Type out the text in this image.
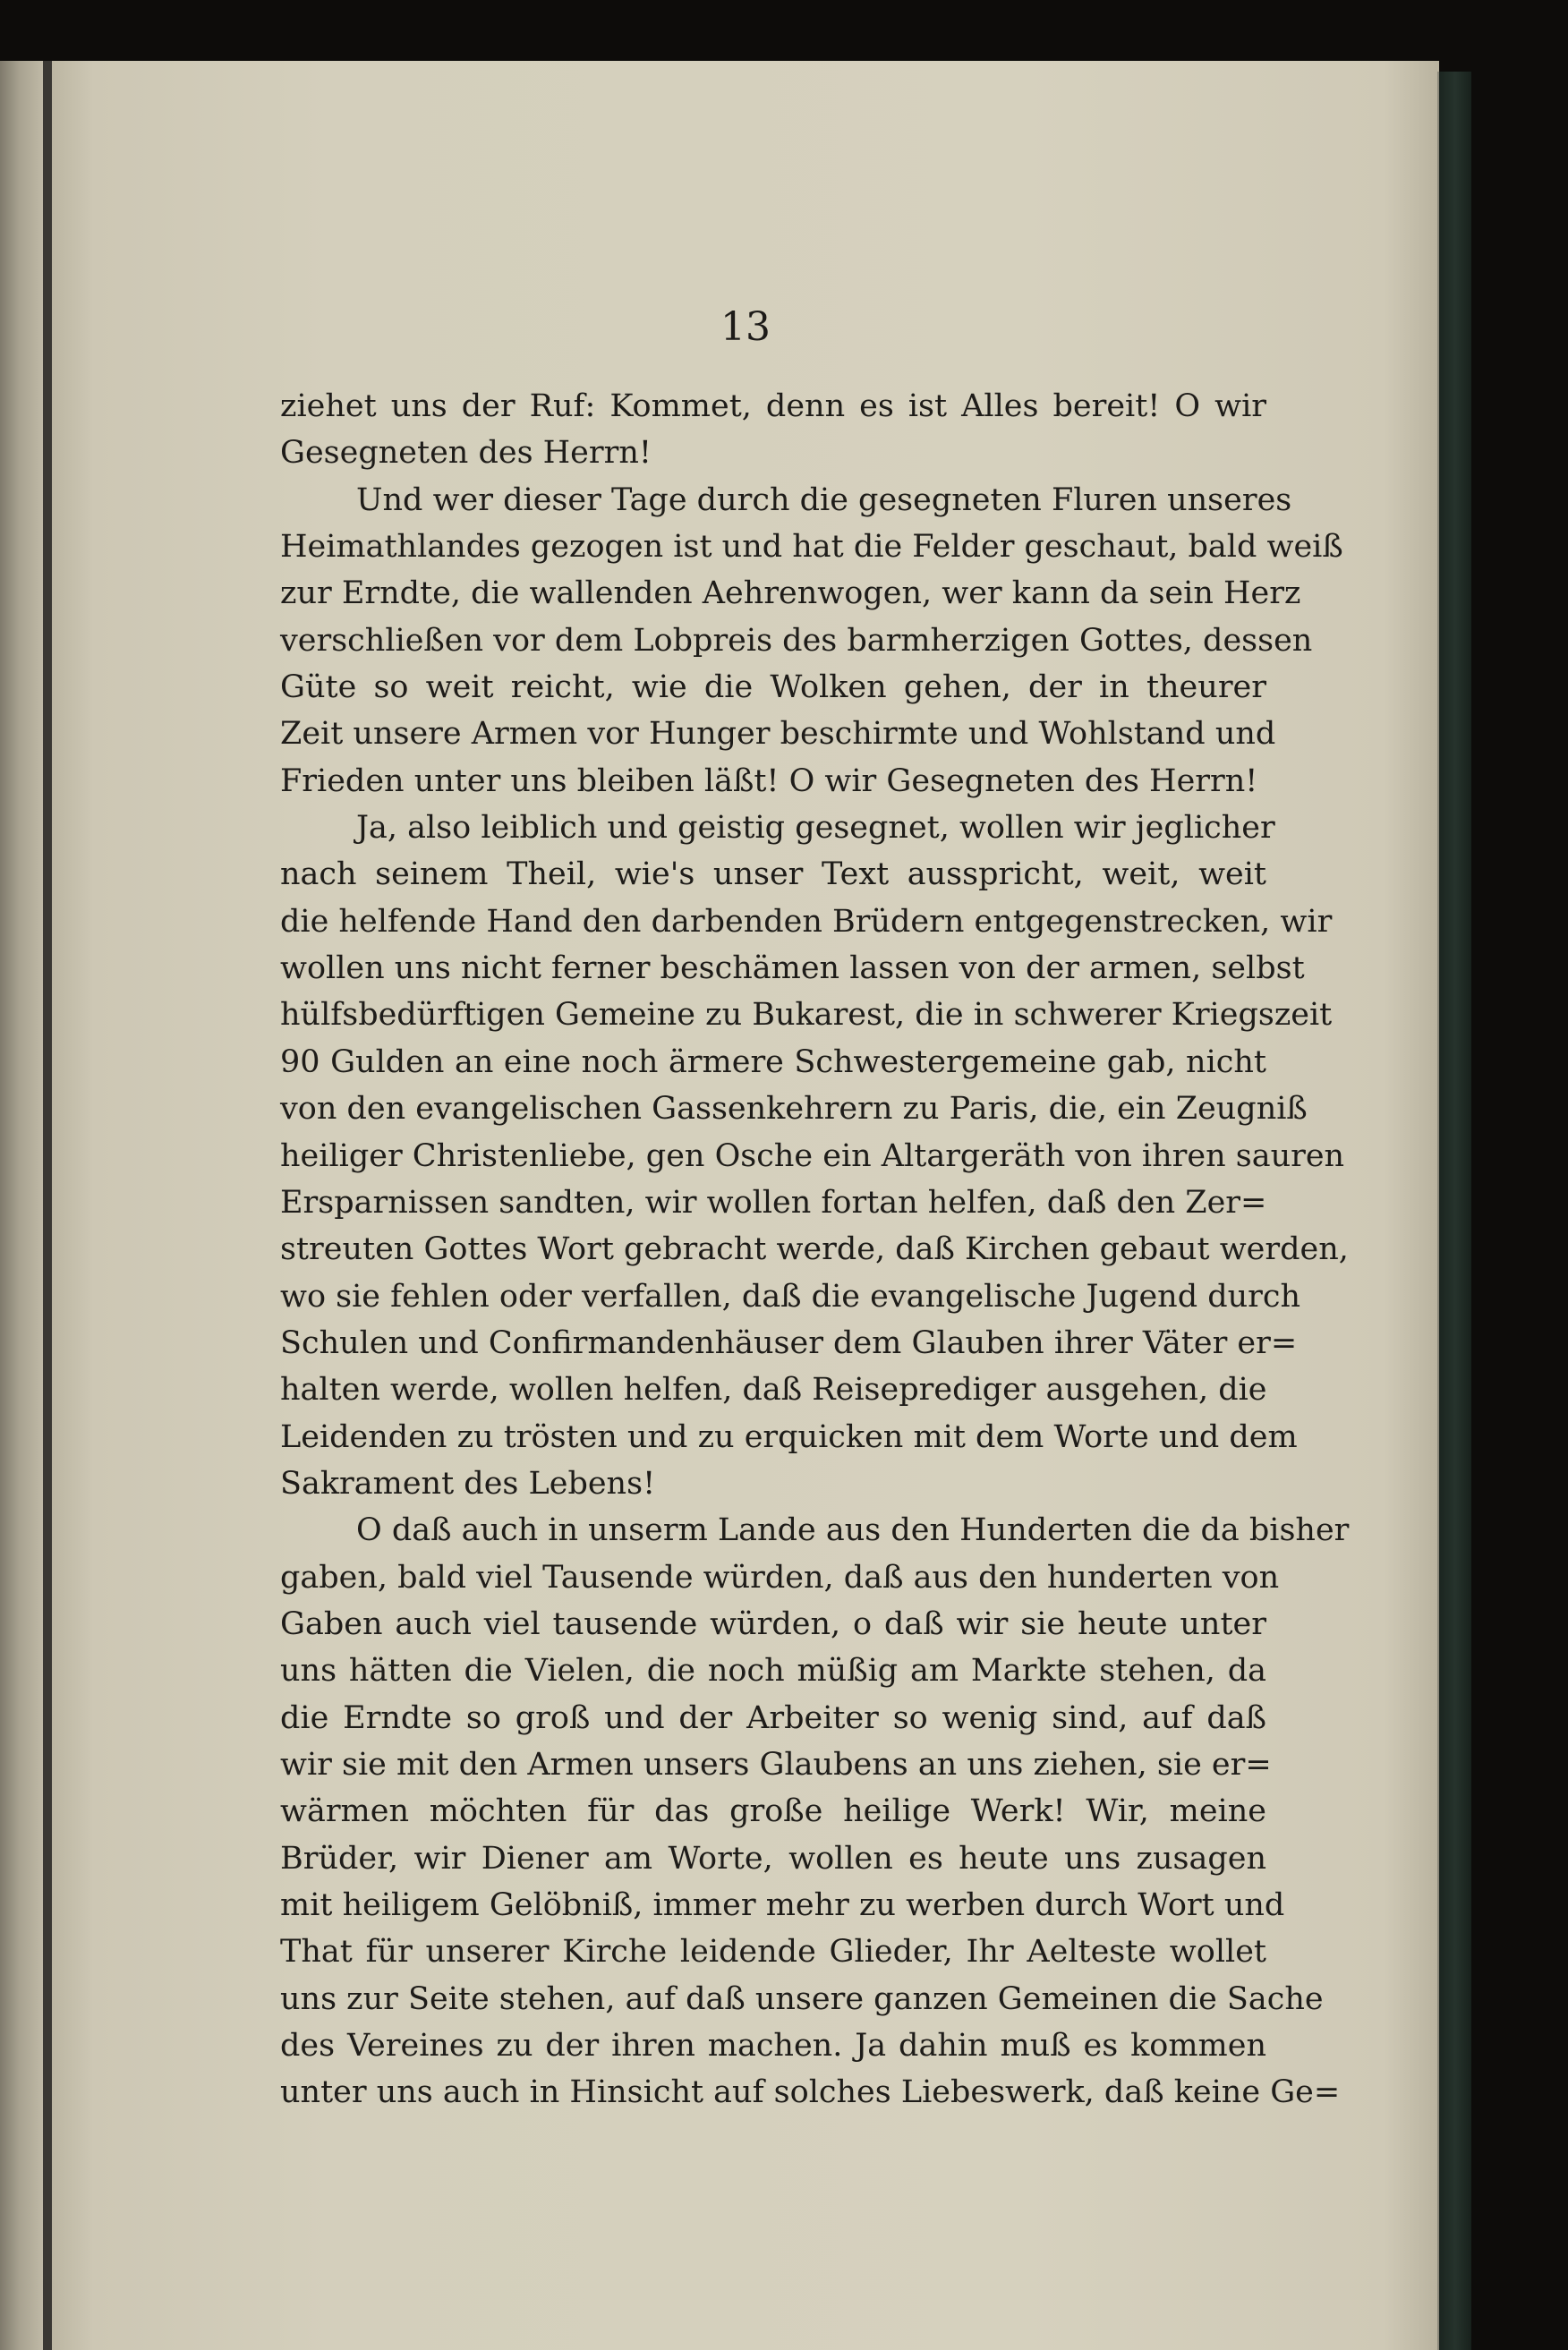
13
ziehet uns der Ruf: Kommet, denn es ist Alles bereit! O wir
Gesegneten des Herrn!
Und wer dieser Tage durch die gesegneten Fluren unseres
Heimathlandes gezogen ist und hat die Felder geschaut, bald weiß
zur Erndte, die wallenden Aehrenwogen, wer kann da sein Herz
verschließen vor dem Lobpreis des barmherzigen Gottes, dessen
Güte so weit reicht, wie die Wolken gehen, der in theurer
Zeit unsere Armen vor Hunger beschirmte und Wohlstand und
Frieden unter uns bleiben läßt! O wir Gesegneten des Herrn!
Ja, also leiblich und geistig gesegnet, wollen wir jeglicher
nach seinem Theil, wie's unser Text ausspricht, weit, weit
die helfende Hand den darbenden Brüdern entgegenstrecken, wir
wollen uns nicht ferner beschämen lassen von der armen, selbst
hülfsbedürftigen Gemeine zu Bukarest, die in schwerer Kriegszeit
90 Gulden an eine noch ärmere Schwestergemeine gab, nicht
von den evangelischen Gassenkehrern zu Paris, die, ein Zeugniß
heiliger Christenliebe, gen Osche ein Altargeräth von ihren sauren
Ersparnissen sandten, wir wollen fortan helfen, daß den Zer=
streuten Gottes Wort gebracht werde, daß Kirchen gebaut werden,
wo sie fehlen oder verfallen, daß die evangelische Jugend durch
Schulen und Confirmandenhäuser dem Glauben ihrer Väter er=
halten werde, wollen helfen, daß Reiseprediger ausgehen, die
Leidenden zu trösten und zu erquicken mit dem Worte und dem
Sakrament des Lebens!
O daß auch in unserm Lande aus den Hunderten die da bisher
gaben, bald viel Tausende würden, daß aus den hunderten von
Gaben auch viel tausende würden, o daß wir sie heute unter
uns hätten die Vielen, die noch müßig am Markte stehen, da
die Erndte so groß und der Arbeiter so wenig sind, auf daß
wir sie mit den Armen unsers Glaubens an uns ziehen, sie er=
wärmen möchten für das große heilige Werk! Wir, meine
Brüder, wir Diener am Worte, wollen es heute uns zusagen
mit heiligem Gelöbniß, immer mehr zu werben durch Wort und
That für unserer Kirche leidende Glieder, Ihr Aelteste wollet
uns zur Seite stehen, auf daß unsere ganzen Gemeinen die Sache
des Vereines zu der ihren machen. Ja dahin muß es kommen
unter uns auch in Hinsicht auf solches Liebeswerk, daß keine Ge=
